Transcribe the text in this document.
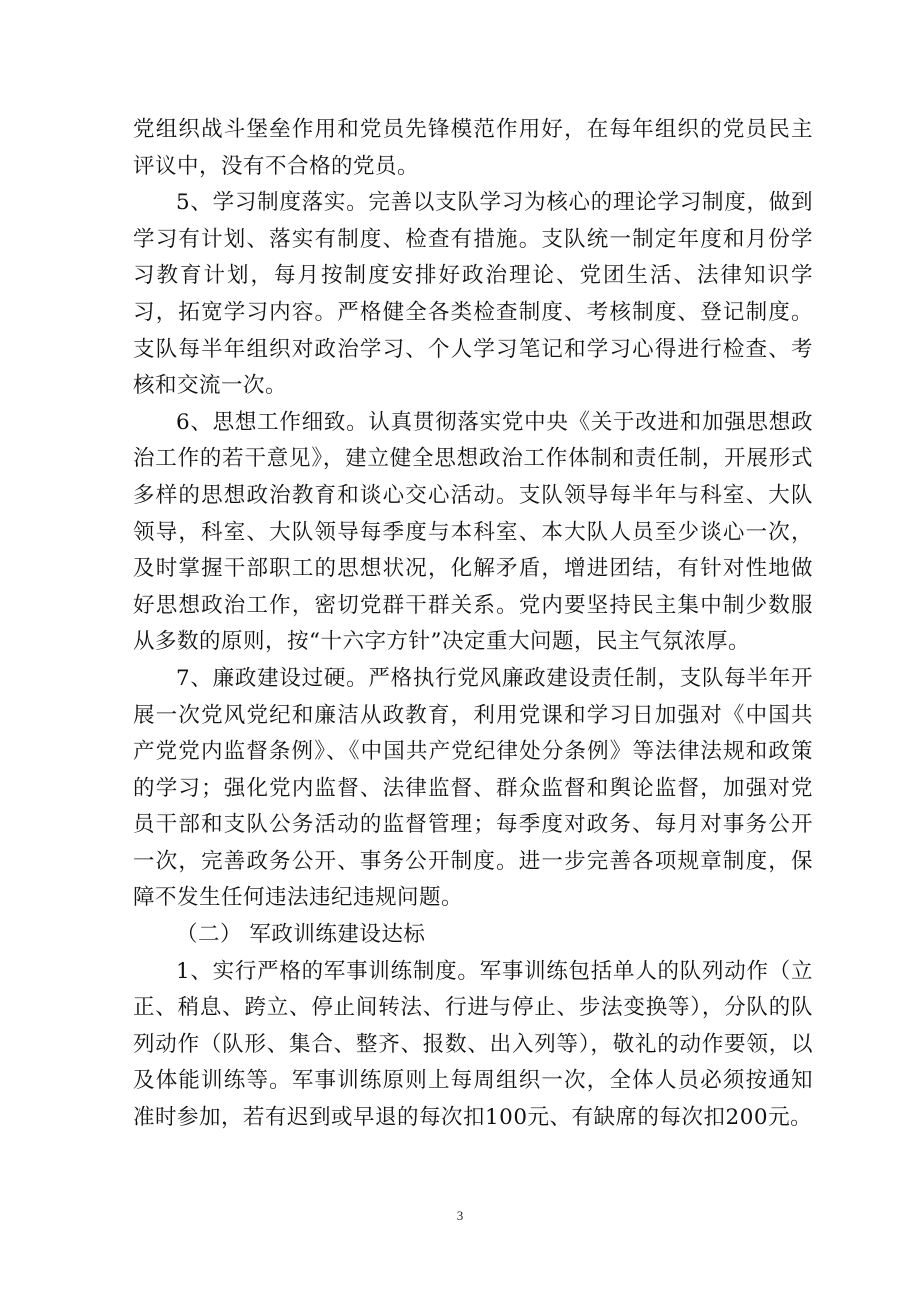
党组织战斗堡垒作用和党员先锋模范作用好，在每年组织的党员民主评议中，没有不合格的党员。

5、学习制度落实。完善以支队学习为核心的理论学习制度，做到学习有计划、落实有制度、检查有措施。支队统一制定年度和月份学习教育计划，每月按制度安排好政治理论、党团生活、法律知识学习，拓宽学习内容。严格健全各类检查制度、考核制度、登记制度。支队每半年组织对政治学习、个人学习笔记和学习心得进行检查、考核和交流一次。

6、思想工作细致。认真贯彻落实党中央《关于改进和加强思想政治工作的若干意见》，建立健全思想政治工作体制和责任制，开展形式多样的思想政治教育和谈心交心活动。支队领导每半年与科室、大队领导，科室、大队领导每季度与本科室、本大队人员至少谈心一次，及时掌握干部职工的思想状况，化解矛盾，增进团结，有针对性地做好思想政治工作，密切党群干群关系。党内要坚持民主集中制少数服从多数的原则，按“十六字方针”决定重大问题，民主气氛浓厚。

7、廉政建设过硬。严格执行党风廉政建设责任制，支队每半年开展一次党风党纪和廉洁从政教育，利用党课和学习日加强对《中国共产党党内监督条例》、《中国共产党纪律处分条例》等法律法规和政策的学习；强化党内监督、法律监督、群众监督和舆论监督，加强对党员干部和支队公务活动的监督管理；每季度对政务、每月对事务公开一次，完善政务公开、事务公开制度。进一步完善各项规章制度，保障不发生任何违法违纪违规问题。

（二） 军政训练建设达标

1、实行严格的军事训练制度。军事训练包括单人的队列动作（立正、稍息、跨立、停止间转法、行进与停止、步法变换等），分队的队列动作（队形、集合、整齐、报数、出入列等），敬礼的动作要领，以及体能训练等。军事训练原则上每周组织一次，全体人员必须按通知准时参加，若有迟到或早退的每次扣100元、有缺席的每次扣200元。

3
